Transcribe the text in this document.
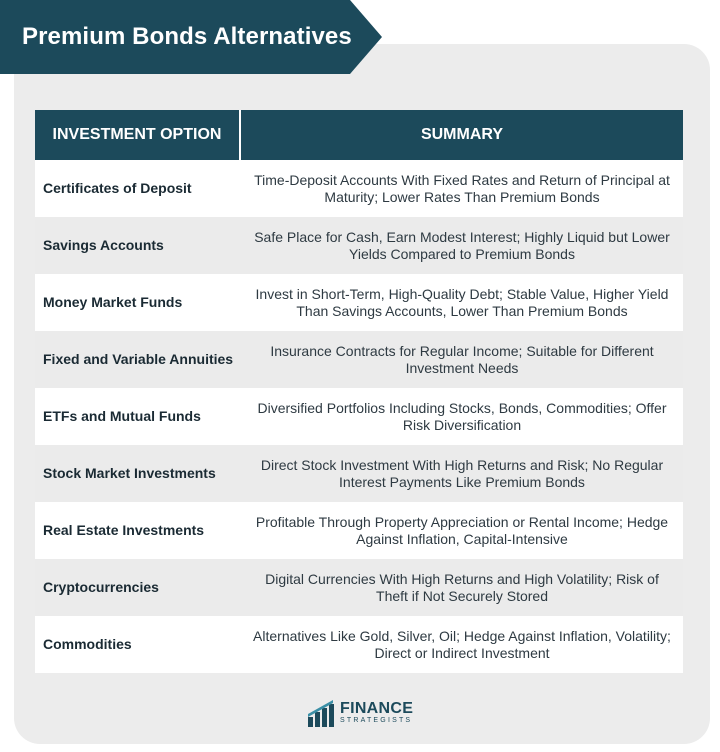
Premium Bonds Alternatives
INVESTMENT OPTION	SUMMARY
Certificates of Deposit
Time-Deposit Accounts With Fixed Rates and Return of Principal at Maturity; Lower Rates Than Premium Bonds
Savings Accounts
Safe Place for Cash, Earn Modest Interest; Highly Liquid but Lower Yields Compared to Premium Bonds
Money Market Funds
Invest in Short-Term, High-Quality Debt; Stable Value, Higher Yield Than Savings Accounts, Lower Than Premium Bonds
Fixed and Variable Annuities
Insurance Contracts for Regular Income; Suitable for Different Investment Needs
ETFs and Mutual Funds
Diversified Portfolios Including Stocks, Bonds, Commodities; Offer Risk Diversification
Stock Market Investments
Direct Stock Investment With High Returns and Risk; No Regular Interest Payments Like Premium Bonds
Real Estate Investments
Profitable Through Property Appreciation or Rental Income; Hedge Against Inflation, Capital-Intensive
Cryptocurrencies
Digital Currencies With High Returns and High Volatility; Risk of Theft if Not Securely Stored
Commodities
Alternatives Like Gold, Silver, Oil; Hedge Against Inflation, Volatility; Direct or Indirect Investment
FINANCE
STRATEGISTS
